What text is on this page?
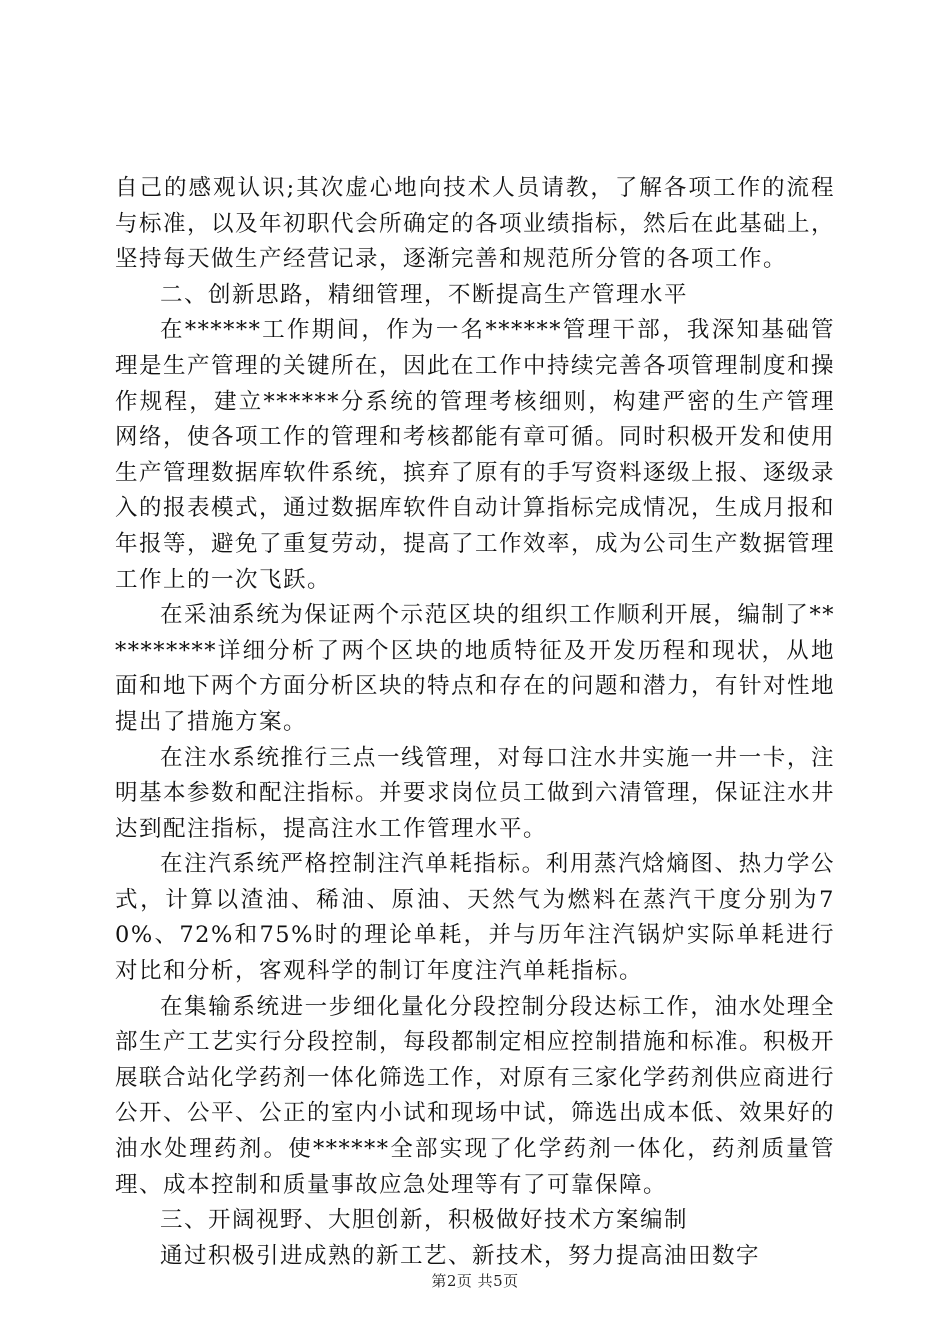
自己的感观认识;其次虚心地向技术人员请教，了解各项工作的流程与标准，以及年初职代会所确定的各项业绩指标，然后在此基础上，坚持每天做生产经营记录，逐渐完善和规范所分管的各项工作。

二、创新思路，精细管理，不断提高生产管理水平

在******工作期间，作为一名******管理干部，我深知基础管理是生产管理的关键所在，因此在工作中持续完善各项管理制度和操作规程，建立******分系统的管理考核细则，构建严密的生产管理网络，使各项工作的管理和考核都能有章可循。同时积极开发和使用生产管理数据库软件系统，摈弃了原有的手写资料逐级上报、逐级录入的报表模式，通过数据库软件自动计算指标完成情况，生成月报和年报等，避免了重复劳动，提高了工作效率，成为公司生产数据管理工作上的一次飞跃。

在采油系统为保证两个示范区块的组织工作顺利开展，编制了**********详细分析了两个区块的地质特征及开发历程和现状，从地面和地下两个方面分析区块的特点和存在的问题和潜力，有针对性地提出了措施方案。

在注水系统推行三点一线管理，对每口注水井实施一井一卡，注明基本参数和配注指标。并要求岗位员工做到六清管理，保证注水井达到配注指标，提高注水工作管理水平。

在注汽系统严格控制注汽单耗指标。利用蒸汽焓熵图、热力学公式，计算以渣油、稀油、原油、天然气为燃料在蒸汽干度分别为70%、72%和75%时的理论单耗，并与历年注汽锅炉实际单耗进行对比和分析，客观科学的制订年度注汽单耗指标。

在集输系统进一步细化量化分段控制分段达标工作，油水处理全部生产工艺实行分段控制，每段都制定相应控制措施和标准。积极开展联合站化学药剂一体化筛选工作，对原有三家化学药剂供应商进行公开、公平、公正的室内小试和现场中试，筛选出成本低、效果好的油水处理药剂。使******全部实现了化学药剂一体化，药剂质量管理、成本控制和质量事故应急处理等有了可靠保障。

三、开阔视野、大胆创新，积极做好技术方案编制

通过积极引进成熟的新工艺、新技术，努力提高油田数字

第2页 共5页
